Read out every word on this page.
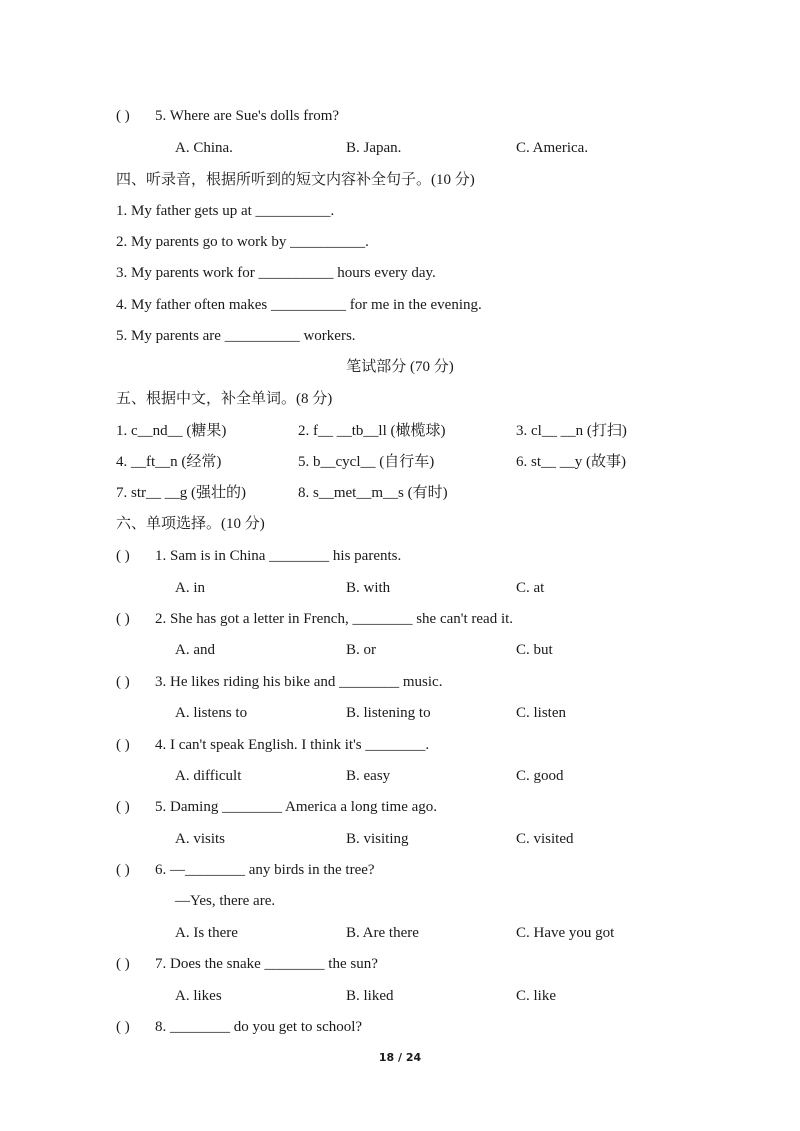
( ) 5. Where are Sue's dolls from?
A. China.	B. Japan.	C. America.
四、听录音，根据所听到的短文内容补全句子。(10 分)
1. My father gets up at __________.
2. My parents go to work by __________.
3. My parents work for __________ hours every day.
4. My father often makes __________ for me in the evening.
5. My parents are __________ workers.
笔试部分 (70 分)
五、根据中文，补全单词。(8 分)
1. c__nd__ (糖果)	2. f__ __tb__ll (橄榄球)	3. cl__ __n (打扫)
4. __ft__n (经常)	5. b__cycl__ (自行车)	6. st__ __y (故事)
7. str__ __g (强壮的)	8. s__met__m__s (有时)
六、单项选择。(10 分)
( ) 1. Sam is in China ________ his parents.
A. in	B. with	C. at
( ) 2. She has got a letter in French, ________ she can't read it.
A. and	B. or	C. but
( ) 3. He likes riding his bike and ________ music.
A. listens to	B. listening to	C. listen
( ) 4. I can't speak English. I think it's ________.
A. difficult	B. easy	C. good
( ) 5. Daming ________ America a long time ago.
A. visits	B. visiting	C. visited
( ) 6. —________ any birds in the tree?
—Yes, there are.
A. Is there	B. Are there	C. Have you got
( ) 7. Does the snake ________ the sun?
A. likes	B. liked	C. like
( ) 8. ________ do you get to school?
18 / 24
